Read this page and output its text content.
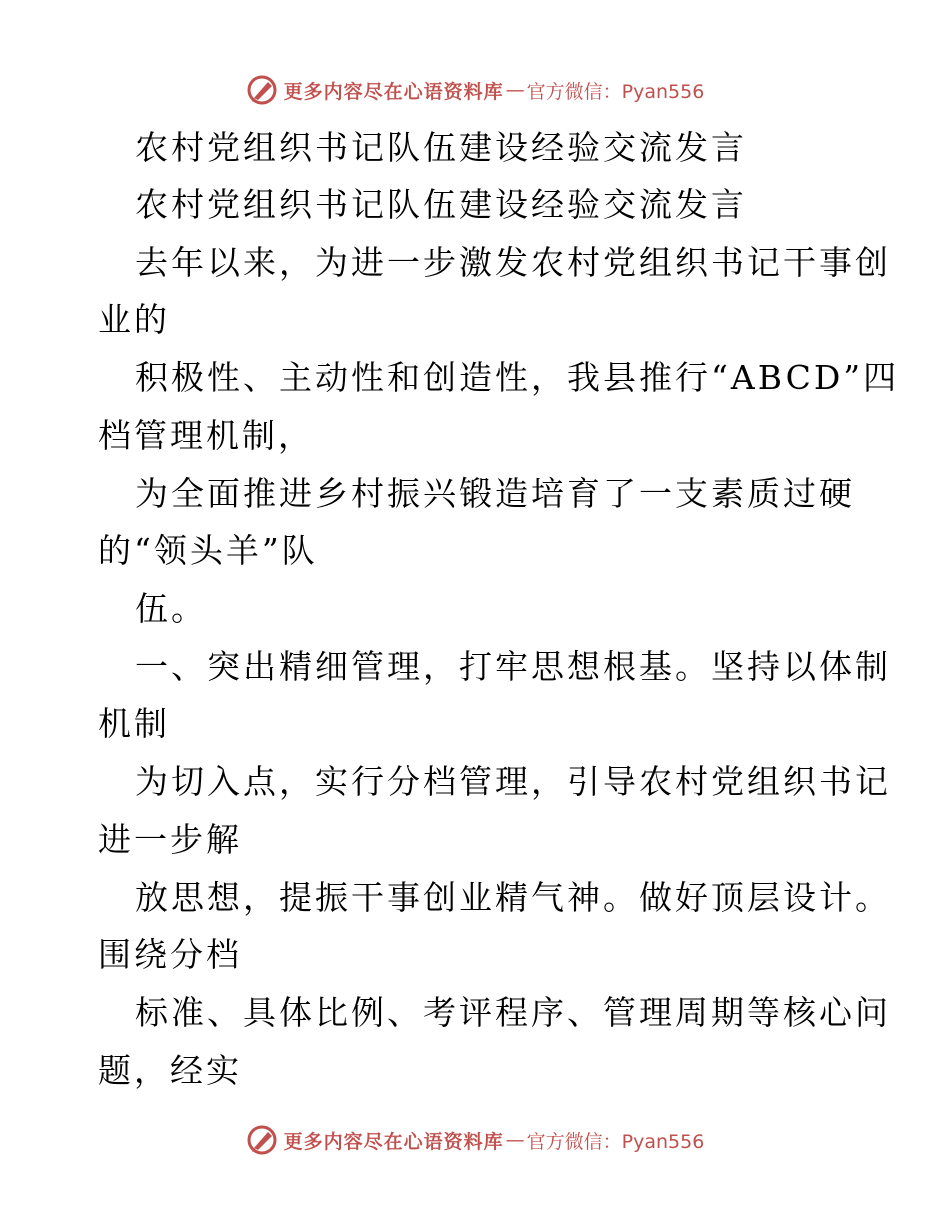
更多内容尽在心语资料库 — 官方微信：Pyan556
农村党组织书记队伍建设经验交流发言
农村党组织书记队伍建设经验交流发言
去年以来，为进一步激发农村党组织书记干事创
业的
积极性、主动性和创造性，我县推行“ABCD”四
档管理机制，
为全面推进乡村振兴锻造培育了一支素质过硬
的“领头羊”队
伍。
一、突出精细管理，打牢思想根基。坚持以体制
机制
为切入点，实行分档管理，引导农村党组织书记
进一步解
放思想，提振干事创业精气神。做好顶层设计。
围绕分档
标准、具体比例、考评程序、管理周期等核心问
题，经实
更多内容尽在心语资料库 — 官方微信：Pyan556
